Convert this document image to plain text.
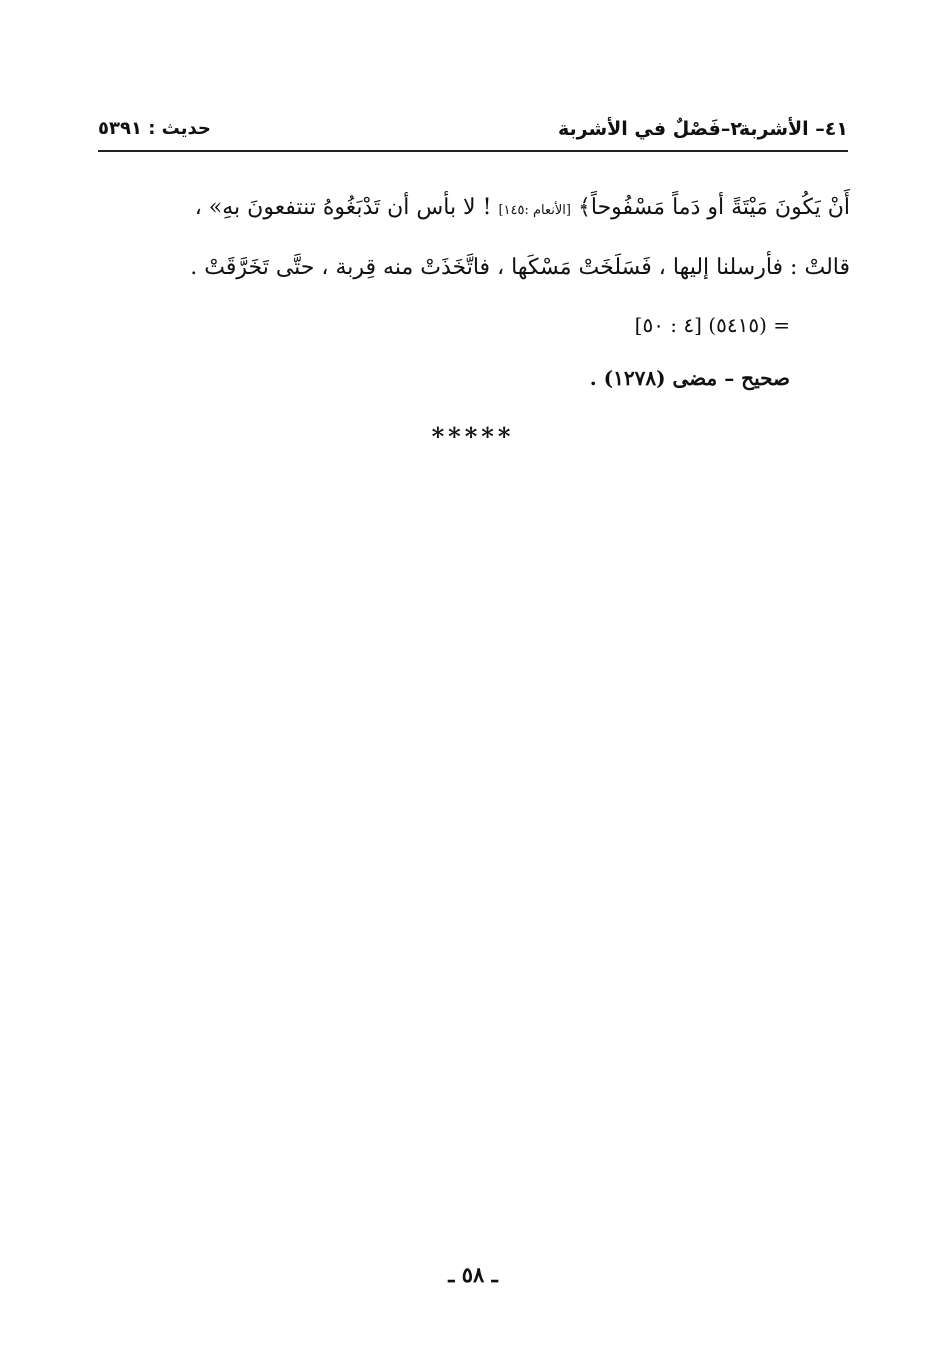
٤١– الأشربة
٢–فَصْلٌ في الأشربة
حديث : ٥٣٩١
أَنْ يَكُونَ مَيْتَةً أو دَماً مَسْفُوحاً﴾ [الأنعام :١٤٥] ! لا بأس أن تَدْبَغُوهُ تنتفعونَ بهِ» ،
قالتْ : فأرسلنا إليها ، فَسَلَخَتْ مَسْكَها ، فاتَّخَذَتْ منه قِربة ، حتَّى تَخَرَّقَتْ .
= (٥٤١٥) [٤ : ٥٠]
صحيح – مضى (١٢٧٨) .
*****
ـ ٥٨ ـ
